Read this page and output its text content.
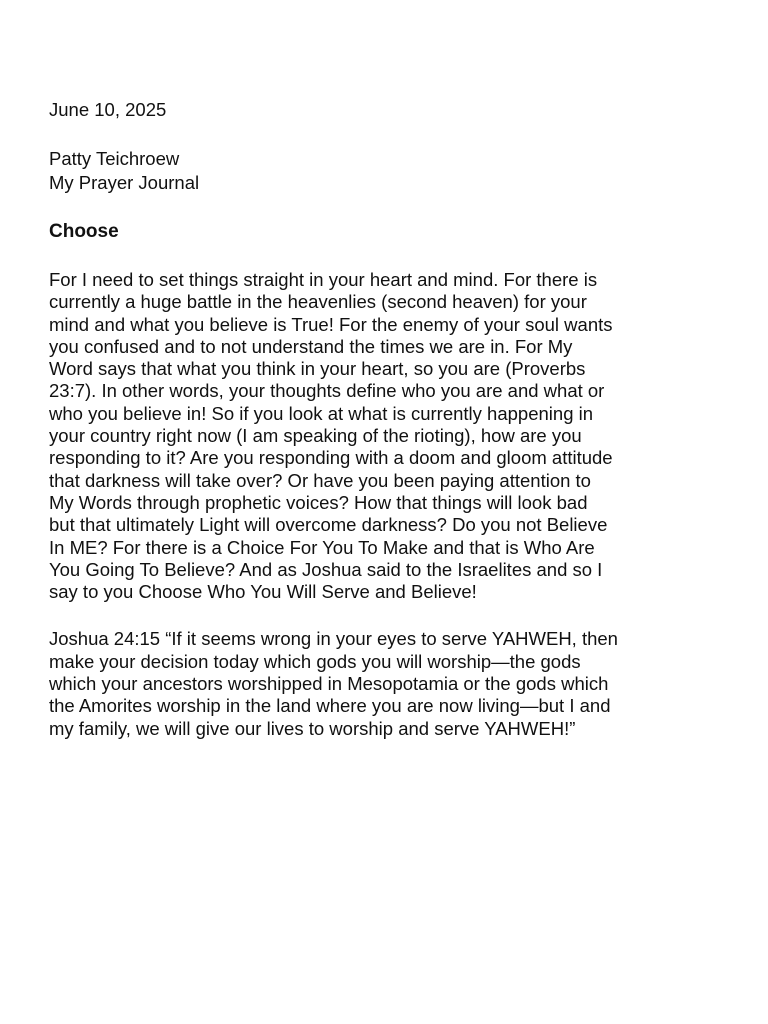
June 10, 2025

Patty Teichroew

My Prayer Journal

Choose

For I need to set things straight in your heart and mind. For there is
currently a huge battle in the heavenlies (second heaven) for your
mind and what you believe is True! For the enemy of your soul wants
you confused and to not understand the times we are in. For My
Word says that what you think in your heart, so you are (Proverbs
23:7). In other words, your thoughts define who you are and what or
who you believe in! So if you look at what is currently happening in
your country right now (I am speaking of the rioting), how are you
responding to it? Are you responding with a doom and gloom attitude
that darkness will take over? Or have you been paying attention to
My Words through prophetic voices? How that things will look bad
but that ultimately Light will overcome darkness? Do you not Believe
In ME? For there is a Choice For You To Make and that is Who Are
You Going To Believe? And as Joshua said to the Israelites and so I
say to you Choose Who You Will Serve and Believe!

Joshua 24:15 “If it seems wrong in your eyes to serve YAHWEH, then
make your decision today which gods you will worship—the gods
which your ancestors worshipped in Mesopotamia or the gods which
the Amorites worship in the land where you are now living—but I and
my family, we will give our lives to worship and serve YAHWEH!”
